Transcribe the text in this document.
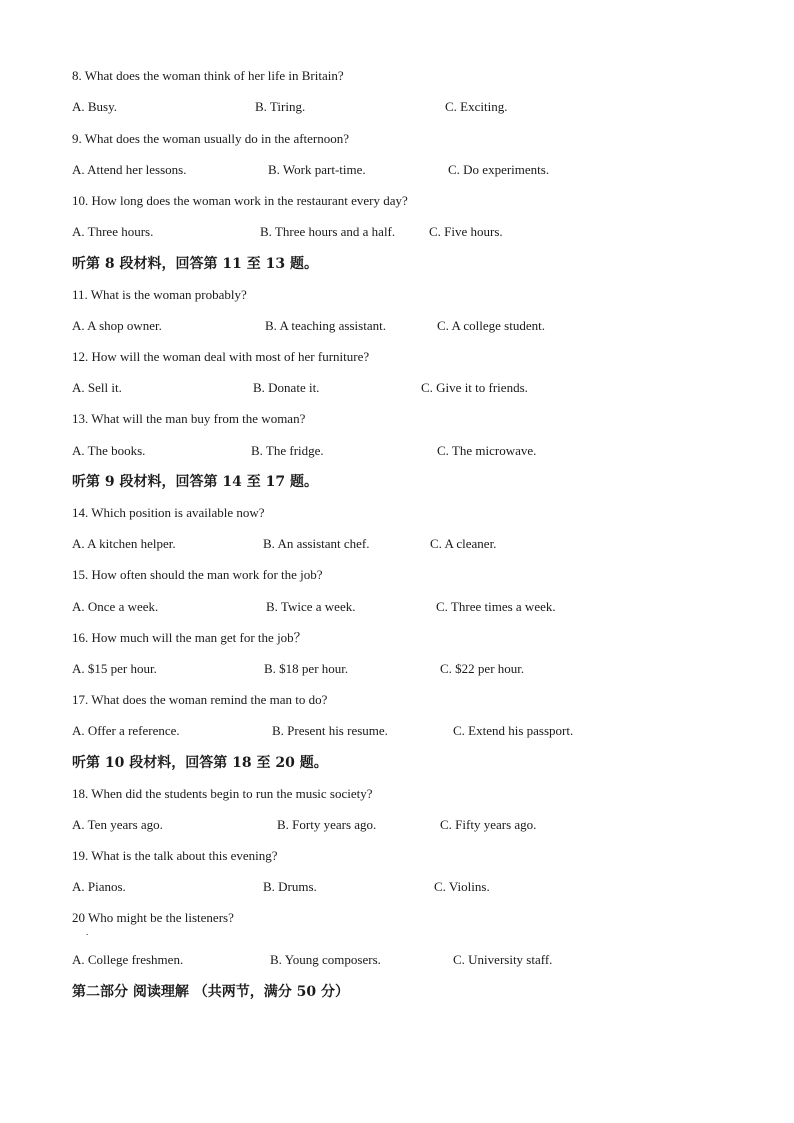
8. What does the woman think of her life in Britain?
A. Busy.	B. Tiring.	C. Exciting.
9. What does the woman usually do in the afternoon?
A. Attend her lessons.	B. Work part-time.	C. Do experiments.
10. How long does the woman work in the restaurant every day?
A. Three hours.	B. Three hours and a half.	C. Five hours.
听第 8 段材料，回答第 11 至 13 题。
11. What is the woman probably?
A. A shop owner.	B. A teaching assistant.	C. A college student.
12. How will the woman deal with most of her furniture?
A. Sell it.	B. Donate it.	C. Give it to friends.
13. What will the man buy from the woman?
A. The books.	B. The fridge.	C. The microwave.
听第 9 段材料，回答第 14 至 17 题。
14. Which position is available now?
A. A kitchen helper.	B. An assistant chef.	C. A cleaner.
15. How often should the man work for the job?
A. Once a week.	B. Twice a week.	C. Three times a week.
16. How much will the man get for the job？
A. $15 per hour.	B. $18 per hour.	C. $22 per hour.
17. What does the woman remind the man to do?
A. Offer a reference.	B. Present his resume.	C. Extend his passport.
听第 10 段材料，回答第 18 至 20 题。
18. When did the students begin to run the music society?
A. Ten years ago.	B. Forty years ago.	C. Fifty years ago.
19. What is the talk about this evening?
A. Pianos.	B. Drums.	C. Violins.
20 Who might be the listeners?
.
A. College freshmen.	B. Young composers.	C. University staff.
第二部分 阅读理解 （共两节，满分 50 分）
